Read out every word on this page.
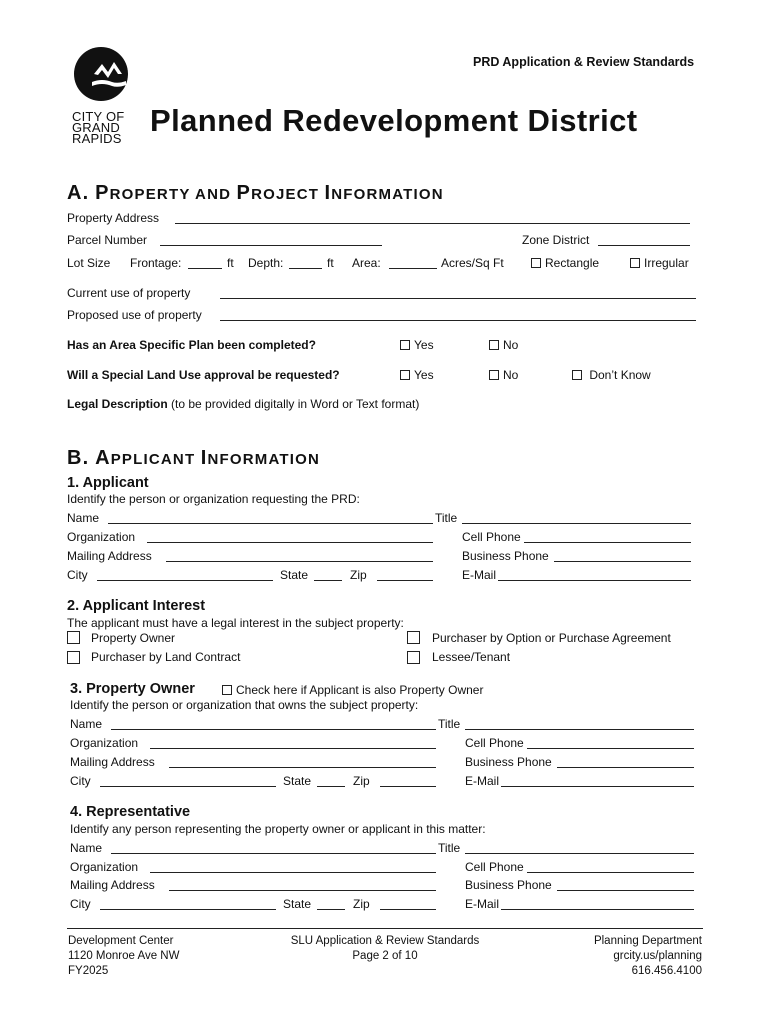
CITY OF
GRAND
RAPIDS
PRD Application & Review Standards
Planned Redevelopment District
A. PROPERTY AND PROJECT INFORMATION
Property Address
Parcel Number	Zone District
Lot Size Frontage:	ft Depth:	ft Area:	Acres/Sq Ft	Rectangle	Irregular
Current use of property
Proposed use of property
Has an Area Specific Plan been completed?	Yes	No
Will a Special Land Use approval be requested?	Yes	No	Don’t Know
Legal Description (to be provided digitally in Word or Text format)
B. APPLICANT INFORMATION
1. Applicant
Identify the person or organization requesting the PRD:
Name	Title
Organization	Cell Phone
Mailing Address	Business Phone
City	State	Zip	E-Mail
2. Applicant Interest
The applicant must have a legal interest in the subject property:
Property Owner	Purchaser by Option or Purchase Agreement
Purchaser by Land Contract	Lessee/Tenant
3. Property Owner	Check here if Applicant is also Property Owner
Identify the person or organization that owns the subject property:
Name	Title
Organization	Cell Phone
Mailing Address	Business Phone
City	State	Zip	E-Mail
4. Representative
Identify any person representing the property owner or applicant in this matter:
Name	Title
Organization	Cell Phone
Mailing Address	Business Phone
City	State	Zip	E-Mail
Development Center
1120 Monroe Ave NW
FY2025
SLU Application & Review Standards
Page 2 of 10
Planning Department
grcity.us/planning
616.456.4100
